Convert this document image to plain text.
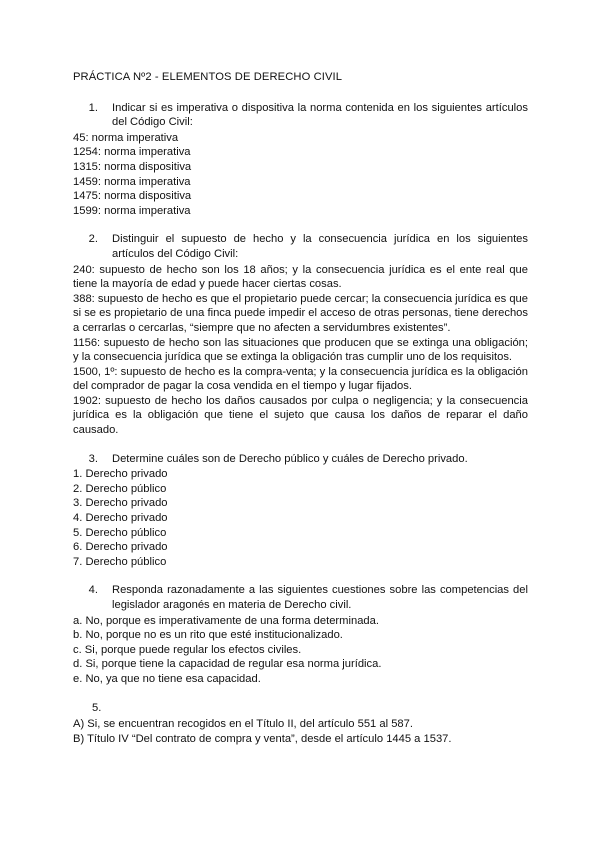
PRÁCTICA Nº2 - ELEMENTOS DE DERECHO CIVIL
1.	Indicar si es imperativa o dispositiva la norma contenida en los siguientes artículos del Código Civil:

45: norma imperativa

1254: norma imperativa

1315: norma dispositiva

1459: norma imperativa

1475: norma dispositiva

1599: norma imperativa

2.	Distinguir el supuesto de hecho y la consecuencia jurídica en los siguientes artículos del Código Civil:

240: supuesto de hecho son los 18 años; y la consecuencia jurídica es el ente real que tiene la mayoría de edad y puede hacer ciertas cosas.

388: supuesto de hecho es que el propietario puede cercar; la consecuencia jurídica es que si se es propietario de una finca puede impedir el acceso de otras personas, tiene derechos a cerrarlas o cercarlas, “siempre que no afecten a servidumbres existentes”.

1156: supuesto de hecho son las situaciones que producen que se extinga una obligación; y la consecuencia jurídica que se extinga la obligación tras cumplir uno de los requisitos.

1500, 1º: supuesto de hecho es la compra-venta; y la consecuencia jurídica es la obligación del comprador de pagar la cosa vendida en el tiempo y lugar fijados.

1902: supuesto de hecho los daños causados por culpa o negligencia; y la consecuencia jurídica es la obligación que tiene el sujeto que causa los daños de reparar el daño causado.

3.	Determine cuáles son de Derecho público y cuáles de Derecho privado.

1. Derecho privado

2. Derecho público

3. Derecho privado

4. Derecho privado

5. Derecho público

6. Derecho privado

7. Derecho público

4.	Responda razonadamente a las siguientes cuestiones sobre las competencias del legislador aragonés en materia de Derecho civil.

a. No, porque es imperativamente de una forma determinada.

b. No, porque no es un rito que esté institucionalizado.

c. Si, porque puede regular los efectos civiles.

d. Si, porque tiene la capacidad de regular esa norma jurídica.

e. No, ya que no tiene esa capacidad.

5.

A) Si, se encuentran recogidos en el Título II, del artículo 551 al 587.

B) Título IV “Del contrato de compra y venta”, desde el artículo 1445 a 1537.
